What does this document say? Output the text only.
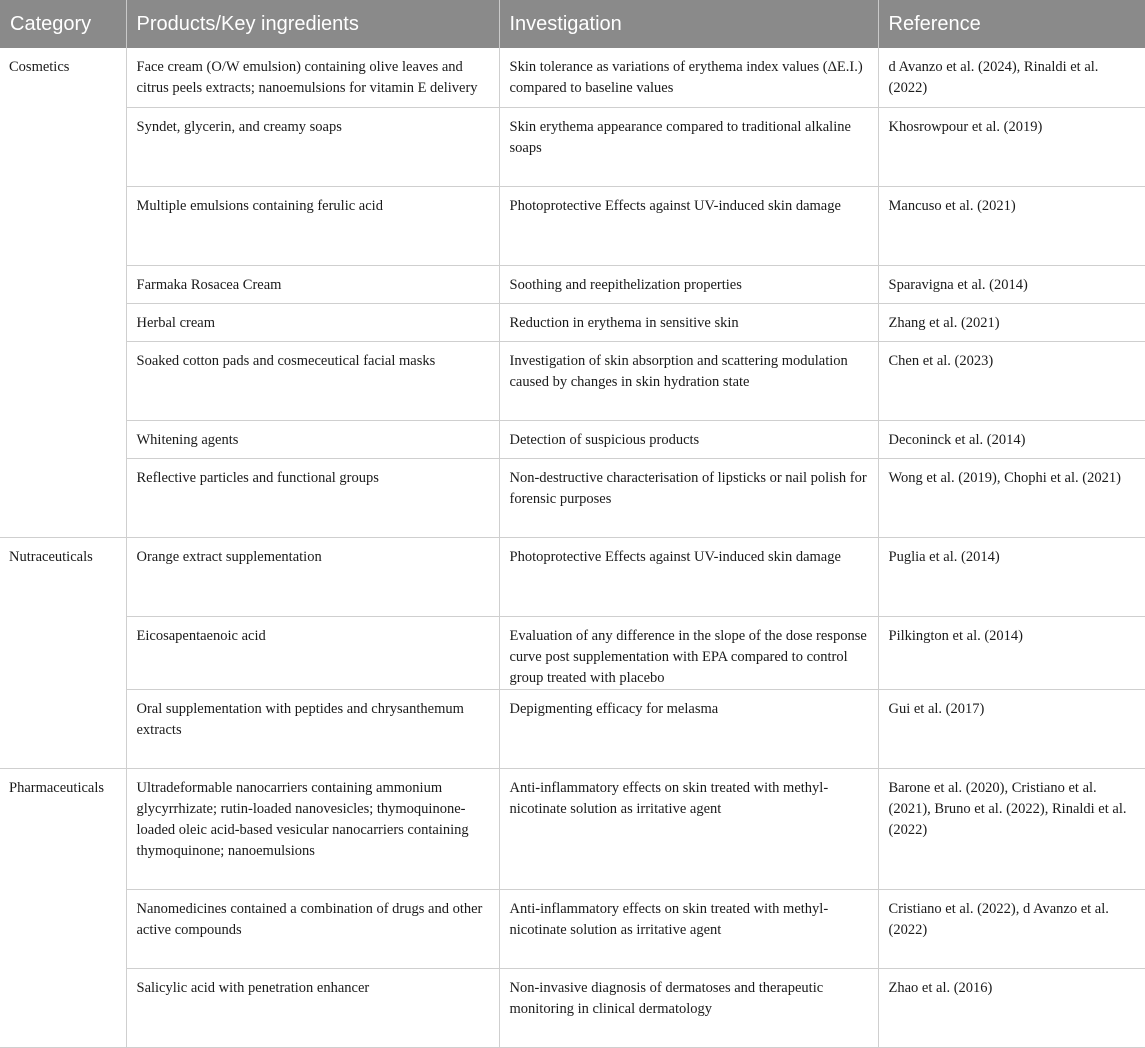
Category	Products/Key ingredients	Investigation	Reference
Cosmetics	Face cream (O/W emulsion) containing olive leaves and citrus peels extracts; nanoemulsions for vitamin E delivery	Skin tolerance as variations of erythema index values (ΔE.I.) compared to baseline values	d Avanzo et al. (2024), Rinaldi et al. (2022)
	Syndet, glycerin, and creamy soaps	Skin erythema appearance compared to traditional alkaline soaps	Khosrowpour et al. (2019)
	Multiple emulsions containing ferulic acid	Photoprotective Effects against UV-induced skin damage	Mancuso et al. (2021)
	Farmaka Rosacea Cream	Soothing and reepithelization properties	Sparavigna et al. (2014)
	Herbal cream	Reduction in erythema in sensitive skin	Zhang et al. (2021)
	Soaked cotton pads and cosmeceutical facial masks	Investigation of skin absorption and scattering modulation caused by changes in skin hydration state	Chen et al. (2023)
	Whitening agents	Detection of suspicious products	Deconinck et al. (2014)
	Reflective particles and functional groups	Non-destructive characterisation of lipsticks or nail polish for forensic purposes	Wong et al. (2019), Chophi et al. (2021)
Nutraceuticals	Orange extract supplementation	Photoprotective Effects against UV-induced skin damage	Puglia et al. (2014)
	Eicosapentaenoic acid	Evaluation of any difference in the slope of the dose response curve post supplementation with EPA compared to control group treated with placebo	Pilkington et al. (2014)
	Oral supplementation with peptides and chrysanthemum extracts	Depigmenting efficacy for melasma	Gui et al. (2017)
Pharmaceuticals	Ultradeformable nanocarriers containing ammonium glycyrrhizate; rutin-loaded nanovesicles; thymoquinone-loaded oleic acid-based vesicular nanocarriers containing thymoquinone; nanoemulsions	Anti-inflammatory effects on skin treated with methyl-nicotinate solution as irritative agent	Barone et al. (2020), Cristiano et al. (2021), Bruno et al. (2022), Rinaldi et al. (2022)
	Nanomedicines contained a combination of drugs and other active compounds	Anti-inflammatory effects on skin treated with methyl-nicotinate solution as irritative agent	Cristiano et al. (2022), d Avanzo et al. (2022)
	Salicylic acid with penetration enhancer	Non-invasive diagnosis of dermatoses and therapeutic monitoring in clinical dermatology	Zhao et al. (2016)
